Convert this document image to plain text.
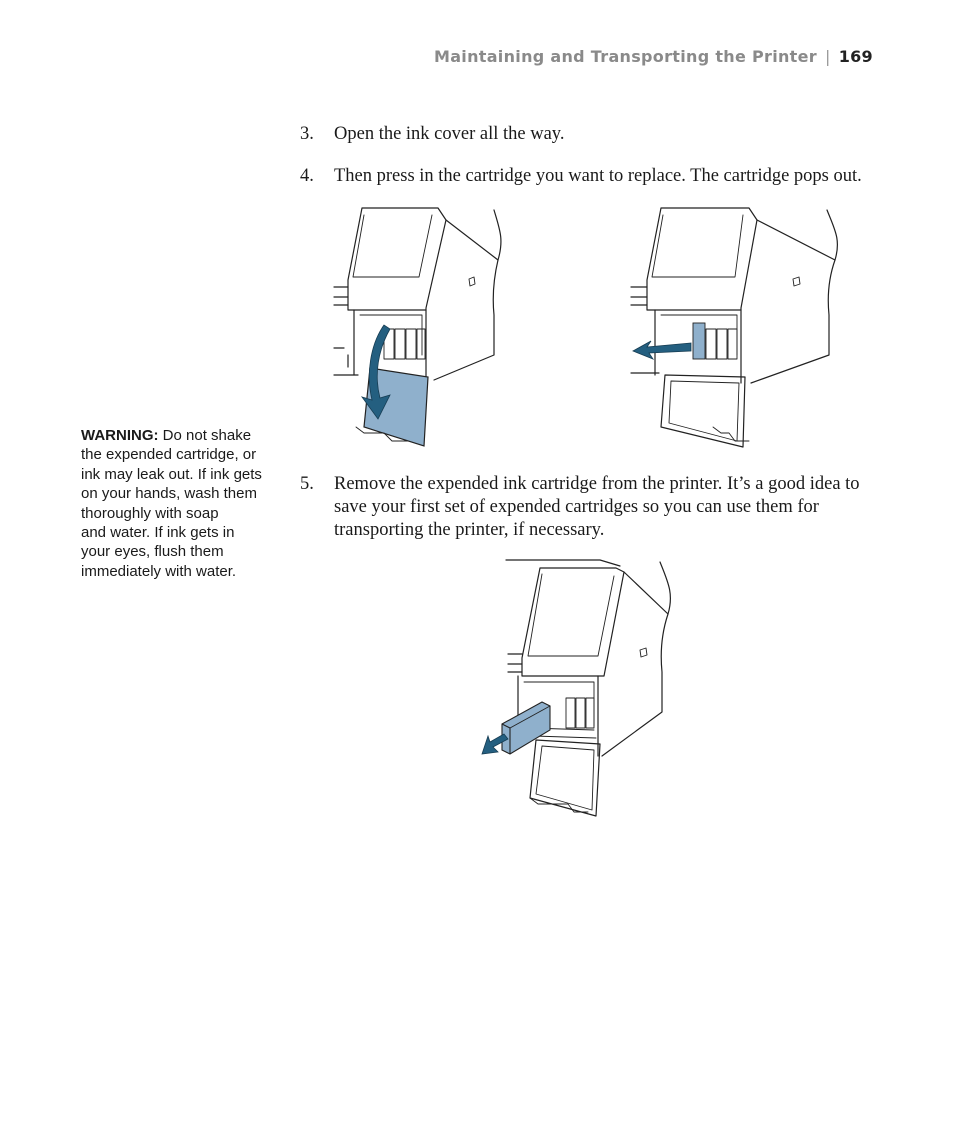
Maintaining and Transporting the Printer | 169
3.	Open the ink cover all the way.
4.	Then press in the cartridge you want to replace. The cartridge pops out.
WARNING: Do not shake
the expended cartridge, or
ink may leak out. If ink gets
on your hands, wash them
thoroughly with soap
and water. If ink gets in
your eyes, flush them
immediately with water.
5.	Remove the expended ink cartridge from the printer. It’s a good idea to
save your first set of expended cartridges so you can use them for
transporting the printer, if necessary.
